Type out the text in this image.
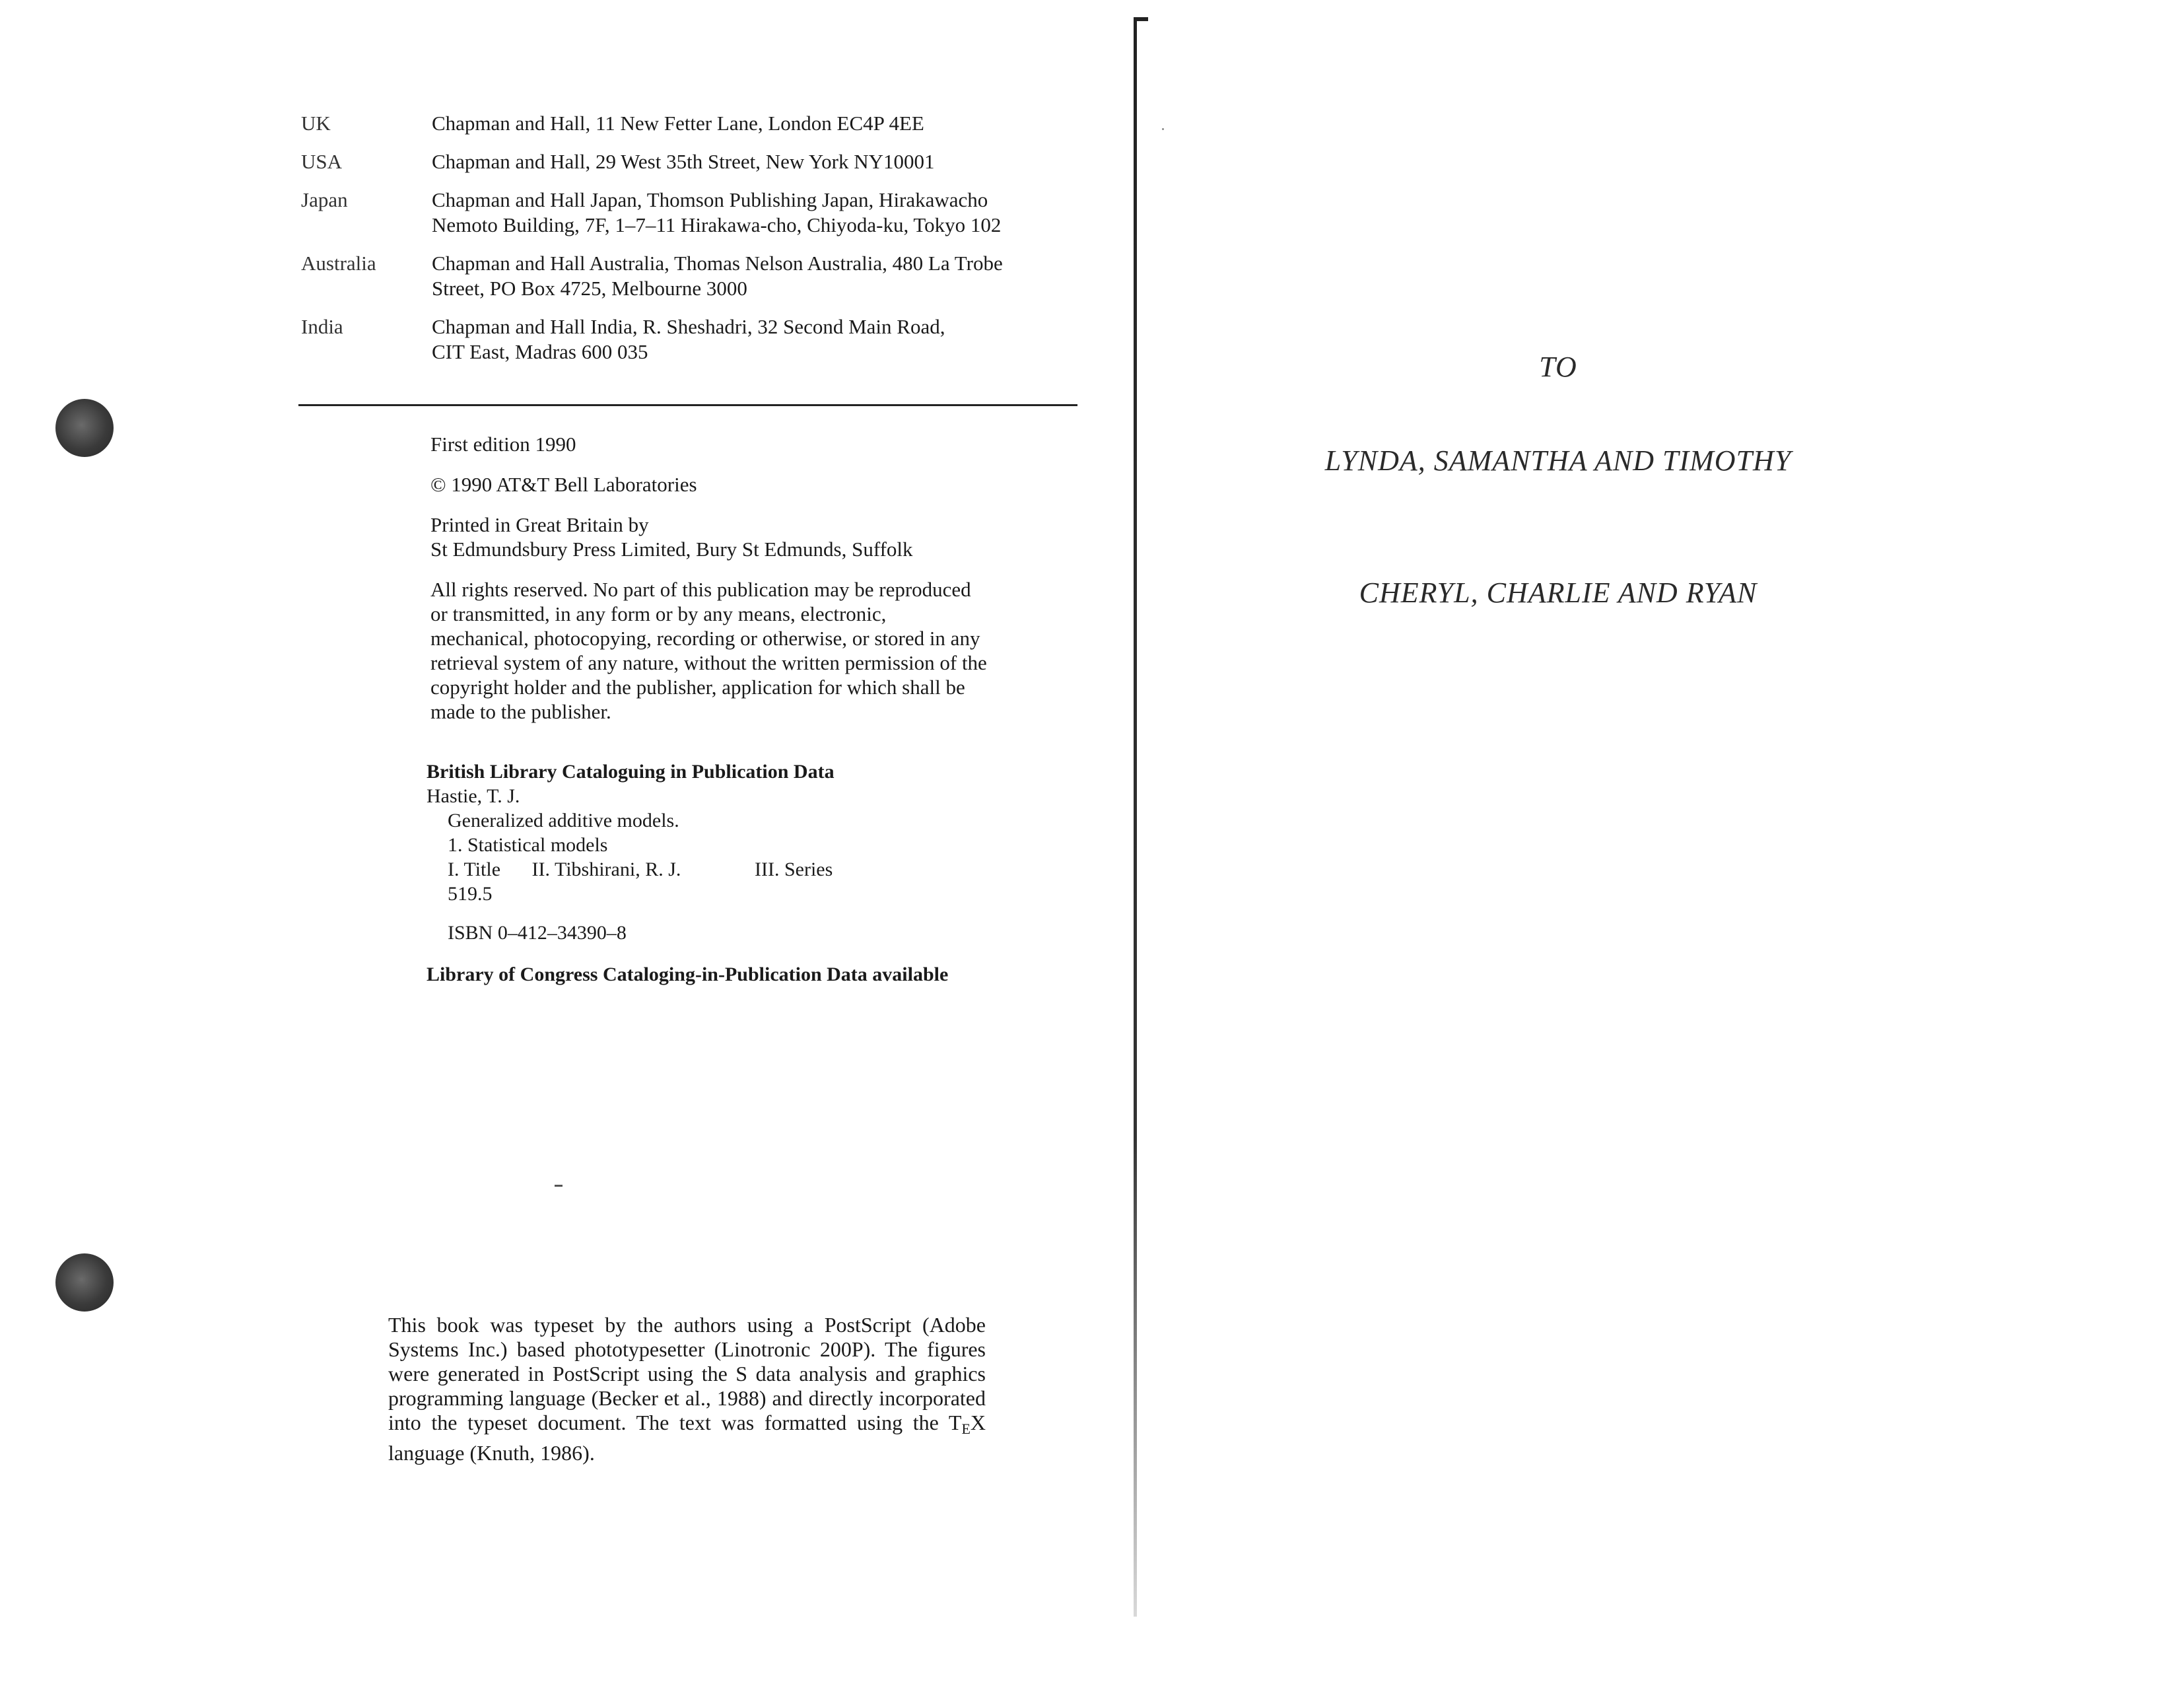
UK	Chapman and Hall, 11 New Fetter Lane, London EC4P 4EE
USA	Chapman and Hall, 29 West 35th Street, New York NY10001
Japan	Chapman and Hall Japan, Thomson Publishing Japan, Hirakawacho
Nemoto Building, 7F, 1–7–11 Hirakawa-cho, Chiyoda-ku, Tokyo 102
Australia	Chapman and Hall Australia, Thomas Nelson Australia, 480 La Trobe
Street, PO Box 4725, Melbourne 3000
India	Chapman and Hall India, R. Sheshadri, 32 Second Main Road,
CIT East, Madras 600 035

First edition 1990

© 1990 AT&T Bell Laboratories

Printed in Great Britain by
St Edmundsbury Press Limited, Bury St Edmunds, Suffolk

All rights reserved. No part of this publication may be reproduced
or transmitted, in any form or by any means, electronic,
mechanical, photocopying, recording or otherwise, or stored in any
retrieval system of any nature, without the written permission of the
copyright holder and the publisher, application for which shall be
made to the publisher.

British Library Cataloguing in Publication Data

Hastie, T. J.

Generalized additive models.

1. Statistical models

I. Title II. Tibshirani, R. J.	III. Series

519.5

ISBN 0–412–34390–8

Library of Congress Cataloging-in-Publication Data available

This book was typeset by the authors using a PostScript (Adobe Systems Inc.) based phototypesetter (Linotronic 200P). The figures were generated in PostScript using the S data analysis and graphics programming language (Becker et al., 1988) and directly incorporated into the typeset document. The text was formatted using the TEX language (Knuth, 1986).
TO
LYNDA, SAMANTHA AND TIMOTHY
CHERYL, CHARLIE AND RYAN
